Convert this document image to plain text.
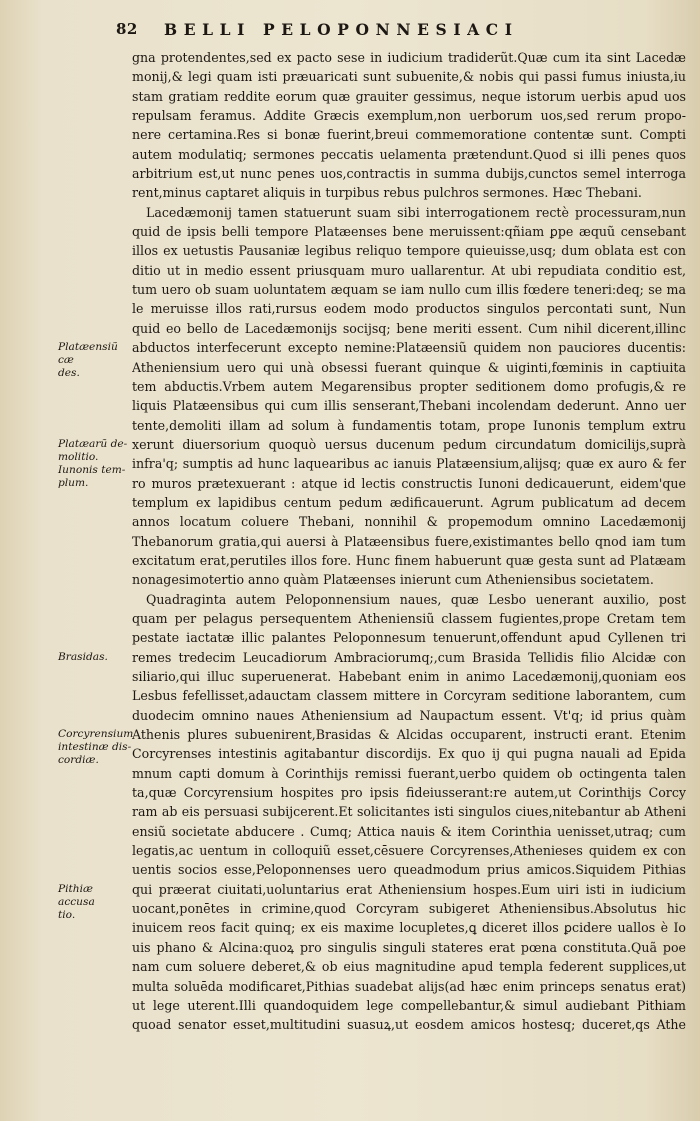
82 BELLI PELOPONNESIACI
Platæensiũ cæ
des.
Platæarũ de-
molitio.
Iunonis tem-
plum.
Brasidas.
Corcyrensium
intestinæ dis-
cordiæ.
Pithiæ accusa
tio.
gna protendentes,sed ex pacto sese in iudicium tradiderũt.Quæ cum ita sint Lacedæ
monij,& legi quam isti præuaricati sunt subuenite,& nobis qui passi fumus iniusta,iu
stam gratiam reddite eorum quæ grauiter gessimus, neque istorum uerbis apud uos
repulsam feramus. Addite Græcis exemplum,non uerborum uos,sed rerum propo-
nere certamina.Res si bonæ fuerint,breui commemoratione contentæ sunt. Compti
autem modulatiq; sermones peccatis uelamenta prætendunt.Quod si illi penes quos
arbitrium est,ut nunc penes uos,contractis in summa dubijs,cunctos semel interroga
rent,minus captaret aliquis in turpibus rebus pulchros sermones. Hæc Thebani.
Lacedæmonij tamen statuerunt suam sibi interrogationem rectè processuram,nun
quid de ipsis belli tempore Platæenses bene meruissent:qñiam ꝑpe æquũ censebant
illos ex uetustis Pausaniæ legibus reliquo tempore quieuisse,usq; dum oblata est con
ditio ut in medio essent priusquam muro uallarentur. At ubi repudiata conditio est,
tum uero ob suam uoluntatem æquam se iam nullo cum illis fœdere teneri:deq; se ma
le meruisse illos rati,rursus eodem modo productos singulos percontati sunt, Nun
quid eo bello de Lacedæmonijs socijsq; bene meriti essent. Cum nihil dicerent,illinc
abductos interfecerunt excepto nemine:Platæensiũ quidem non pauciores ducentis:
Atheniensium uero qui unà obsessi fuerant quinque & uiginti,fœminis in captiuita
tem abductis.Vrbem autem Megarensibus propter seditionem domo profugis,& re
liquis Platæensibus qui cum illis senserant,Thebani incolendam dederunt. Anno uer
tente,demoliti illam ad solum à fundamentis totam, prope Iunonis templum extru
xerunt diuersorium quoquò uersus ducenum pedum circundatum domicilijs,suprà
infra'q; sumptis ad hunc laquearibus ac ianuis Platæensium,alijsq; quæ ex auro & fer
ro muros prætexuerant : atque id lectis constructis Iunoni dedicauerunt, eidem'que
templum ex lapidibus centum pedum ædificauerunt. Agrum publicatum ad decem
annos locatum coluere Thebani, nonnihil & propemodum omnino Lacedæmonij
Thebanorum gratia,qui auersi à Platæensibus fuere,existimantes bello qnod iam tum
excitatum erat,perutiles illos fore. Hunc finem habuerunt quæ gesta sunt ad Platæam
nonagesimotertio anno quàm Platæenses inierunt cum Atheniensibus societatem.
Quadraginta autem Peloponnensium naues, quæ Lesbo uenerant auxilio, post
quam per pelagus persequentem Atheniensiũ classem fugientes,prope Cretam tem
pestate iactatæ illic palantes Peloponnesum tenuerunt,offendunt apud Cyllenen tri
remes tredecim Leucadiorum Ambraciorumq;,cum Brasida Tellidis filio Alcidæ con
siliario,qui illuc superuenerat. Habebant enim in animo Lacedæmonij,quoniam eos
Lesbus fefellisset,adauctam classem mittere in Corcyram seditione laborantem, cum
duodecim omnino naues Atheniensium ad Naupactum essent. Vt'q; id prius quàm
Athenis plures subuenirent,Brasidas & Alcidas occuparent, instructi erant. Etenim
Corcyrenses intestinis agitabantur discordijs. Ex quo ij qui pugna nauali ad Epida
mnum capti domum à Corinthijs remissi fuerant,uerbo quidem ob octingenta talen
ta,quæ Corcyrensium hospites pro ipsis fideiusserant:re autem,ut Corinthijs Corcy
ram ab eis persuasi subijcerent.Et solicitantes isti singulos ciues,nitebantur ab Atheni
ensiũ societate abducere . Cumq; Attica nauis & item Corinthia uenisset,utraq; cum
legatis,ac uentum in colloquiũ esset,cēsuere Corcyrenses,Athenieses quidem ex con
uentis socios esse,Peloponnenses uero queadmodum prius amicos.Siquidem Pithias
qui præerat ciuitati,uoluntarius erat Atheniensium hospes.Eum uiri isti in iudicium
uocant,ponētes in crimine,quod Corcyram subigeret Atheniensibus.Absolutus hic
inuicem reos facit quinq; ex eis maxime locupletes,ꝗ diceret illos ꝑcidere uallos è Io
uis phano & Alcina:quoꝝ pro singulis singuli stateres erat pœna constituta.Quã poe
nam cum soluere deberet,& ob eius magnitudine apud templa federent supplices,ut
multa soluēda modificaret,Pithias suadebat alijs(ad hæc enim princeps senatus erat)
ut lege uterent.Illi quandoquidem lege compellebantur,& simul audiebant Pithiam
quoad senator esset,multitudini suasuꝝ,ut eosdem amicos hostesq; duceret,qs Athe
